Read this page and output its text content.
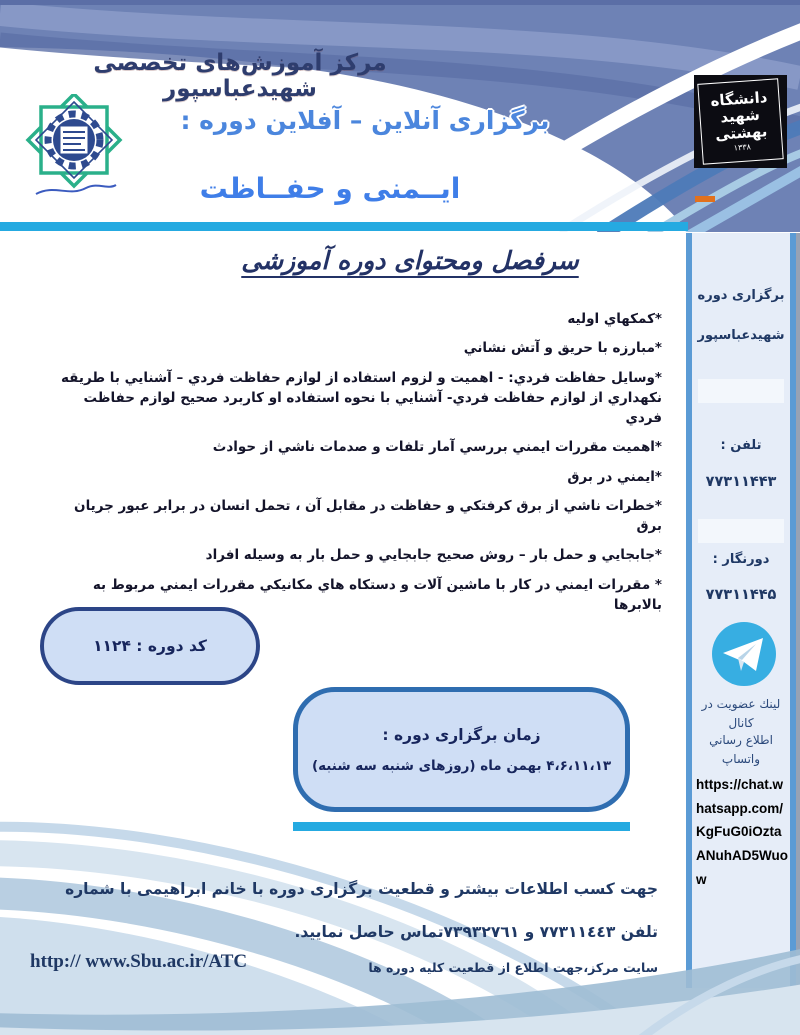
دانشگاه
شهید
بهشتی
۱۳۳۸
مرکز آموزش‌های تخصصی شهیدعباسپور
برگزاری آنلاین – آفلاین دوره :
ایــمنی و حفــاظت
سرفصل ومحتوای دوره آموزشی
*كمكهاي اوليه
*مبارزه با حريق و آتش نشاني
*وسايل حفاظت فردي: - اهميت و لزوم استفاده از لوازم حفاظت فردي – آشنايي با طريقه نكهداري از لوازم حفاظت فردي- آشنايي با نحوه استفاده او كاربرد صحيح لوازم حفاظت فردي
*اهميت مقررات ايمني بررسي آمار تلفات و صدمات ناشي از حوادث
*ايمني در برق
*خطرات ناشي از برق كرفتكي و حفاظت در مقابل آن ، تحمل انسان در برابر عبور جريان برق
*جابجايي و حمل بار – روش صحيح جابجايي و حمل بار به وسيله افراد
* مقررات ايمني در كار با ماشين آلات و دستكاه هاي مكانيكي مقررات ايمني مربوط به بالابرها
کد دوره : ۱۱۲۴
زمان برگزاری دوره :
۴،۶،۱۱،۱۳ بهمن ماه (روزهای شنبه سه شنبه)
برگزاری دوره
شهیدعباسپور
تلفن :
۷۷۳۱۱۴۴۳
دورنگار :
۷۷۳۱۱۴۴۵
لینك عضویت در كانال
اطلاع رساني واتساپ
https://chat.whatsapp.com/KgFuG0iOztaANuhAD5Wuow
جهت کسب اطلاعات بیشتر و قطعیت برگزاری دوره با خانم ابراهیمی با شماره
تلفن ۷۷۳۱۱٤٤۳ و ۷۳۹۳۲۷٦۱تماس حاصل نمایید.
سایت مرکز،جهت اطلاع از قطعیت کلیه دوره ها
http:// www.Sbu.ac.ir/ATC
